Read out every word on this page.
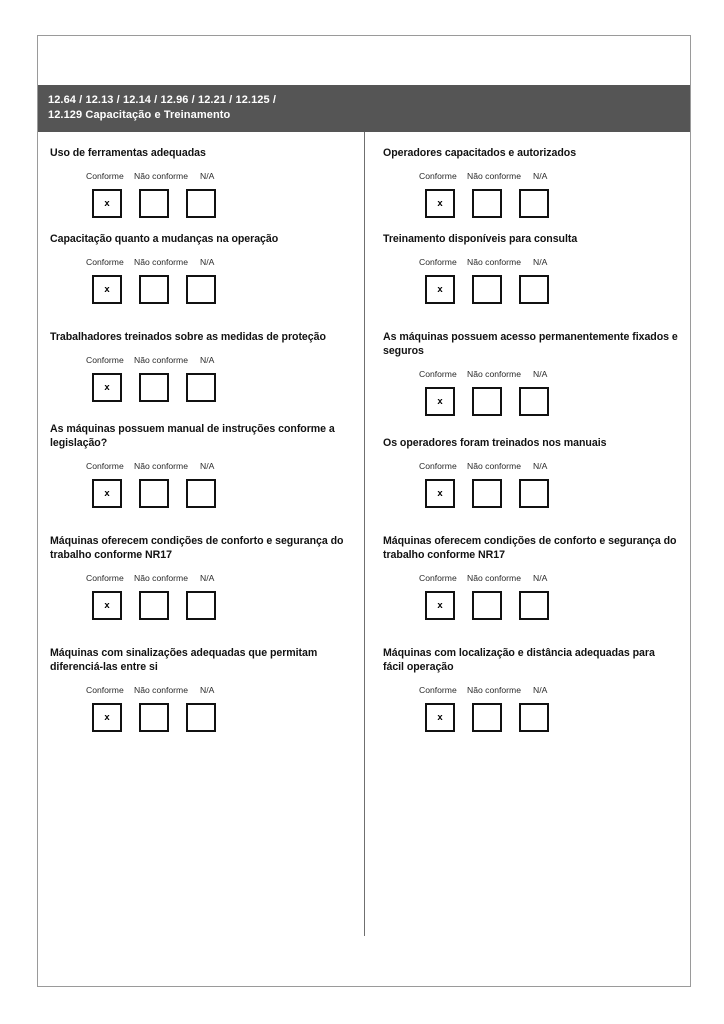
12.64 / 12.13 / 12.14 / 12.96 / 12.21 / 12.125 /
12.129 Capacitação e Treinamento
Uso de ferramentas adequadas
Conforme	Não conforme	N/A
x
Capacitação quanto a mudanças na operação
Conforme	Não conforme	N/A
x
Trabalhadores treinados sobre as medidas de proteção
Conforme	Não conforme	N/A
x
As máquinas possuem manual de instruções conforme a legislação?
Conforme	Não conforme	N/A
x
Máquinas oferecem condições de conforto e segurança do trabalho conforme NR17
Conforme	Não conforme	N/A
x
Máquinas com sinalizações adequadas que permitam diferenciá-las entre si
Conforme	Não conforme	N/A
x
Operadores capacitados e autorizados
Conforme	Não conforme	N/A
x
Treinamento disponíveis para consulta
Conforme	Não conforme	N/A
x
As máquinas possuem acesso permanentemente fixados e seguros
Conforme	Não conforme	N/A
x
Os operadores foram treinados nos manuais
Conforme	Não conforme	N/A
x
Máquinas oferecem condições de conforto e segurança do trabalho conforme NR17
Conforme	Não conforme	N/A
x
Máquinas com localização e distância adequadas para fácil operação
Conforme	Não conforme	N/A
x
